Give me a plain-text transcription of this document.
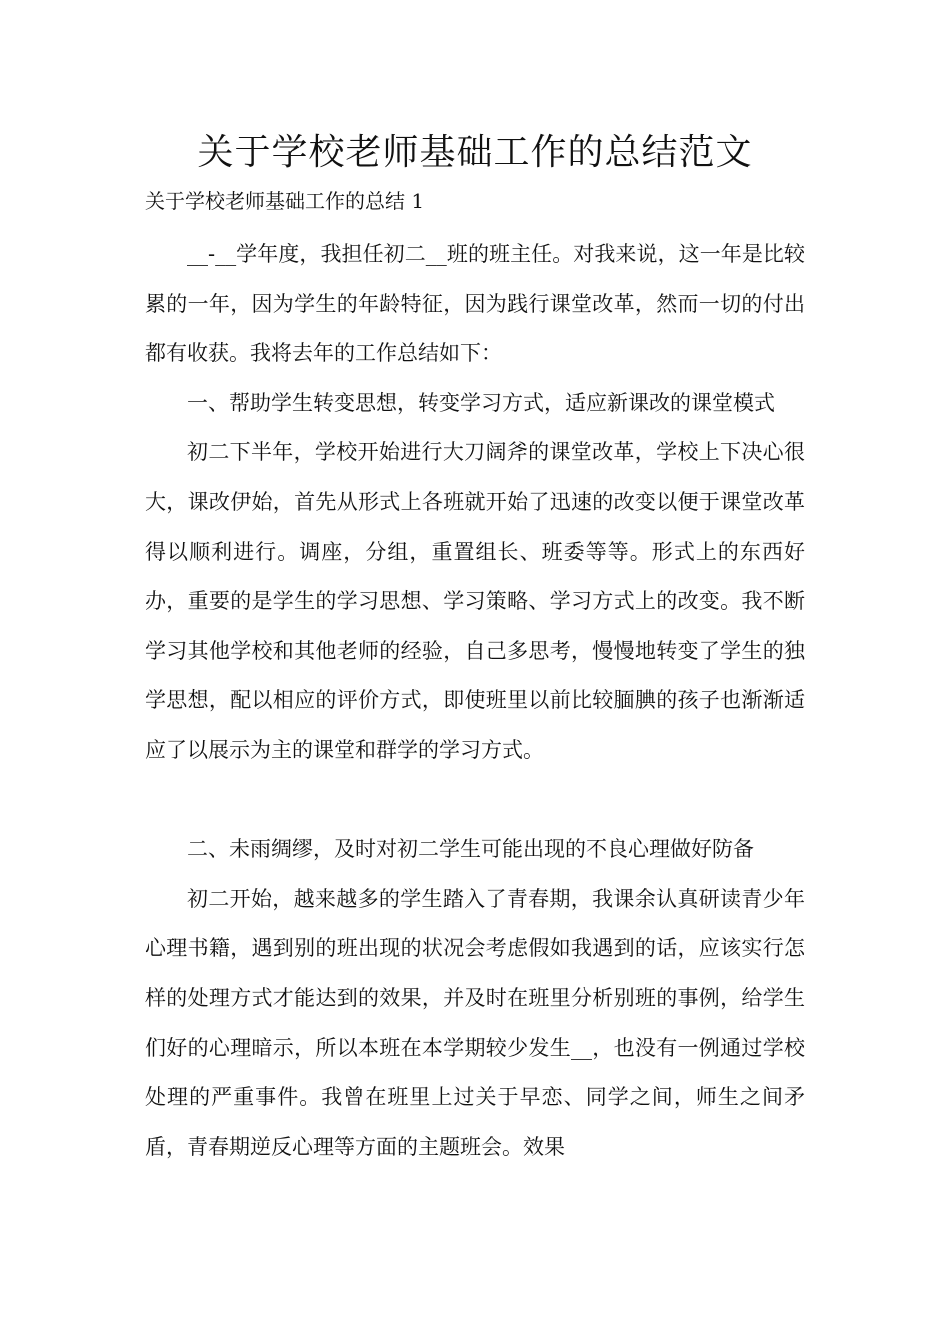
关于学校老师基础工作的总结范文
关于学校老师基础工作的总结 1

__-__学年度，我担任初二__班的班主任。对我来说，这一年是比较累的一年，因为学生的年龄特征，因为践行课堂改革，然而一切的付出都有收获。我将去年的工作总结如下：

一、帮助学生转变思想，转变学习方式，适应新课改的课堂模式

初二下半年，学校开始进行大刀阔斧的课堂改革，学校上下决心很大，课改伊始，首先从形式上各班就开始了迅速的改变以便于课堂改革得以顺利进行。调座，分组，重置组长、班委等等。形式上的东西好办，重要的是学生的学习思想、学习策略、学习方式上的改变。我不断学习其他学校和其他老师的经验，自己多思考，慢慢地转变了学生的独学思想，配以相应的评价方式，即使班里以前比较腼腆的孩子也渐渐适应了以展示为主的课堂和群学的学习方式。

二、未雨绸缪，及时对初二学生可能出现的不良心理做好防备

初二开始，越来越多的学生踏入了青春期，我课余认真研读青少年心理书籍，遇到别的班出现的状况会考虑假如我遇到的话，应该实行怎样的处理方式才能达到的效果，并及时在班里分析别班的事例，给学生们好的心理暗示，所以本班在本学期较少发生__，也没有一例通过学校处理的严重事件。我曾在班里上过关于早恋、同学之间，师生之间矛盾，青春期逆反心理等方面的主题班会。效果
